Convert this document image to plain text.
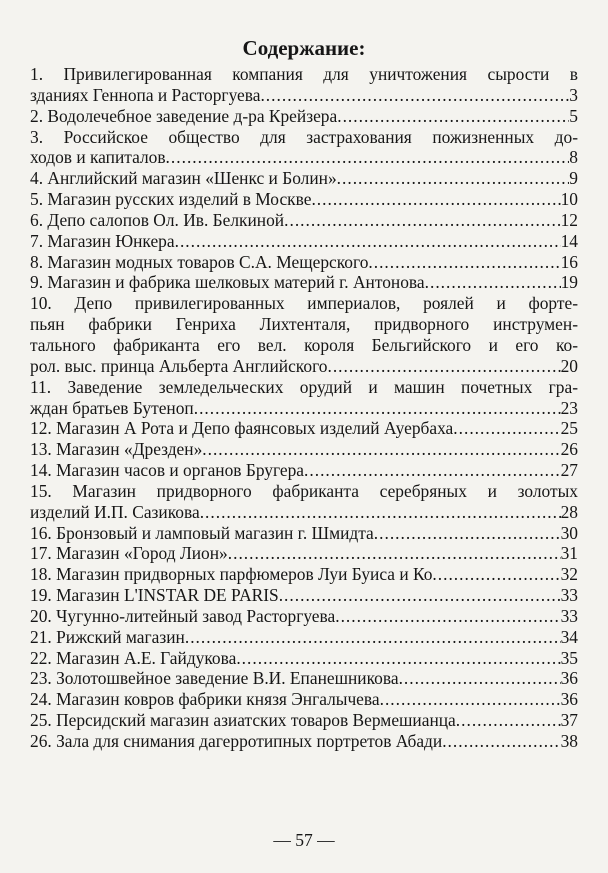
Содержание:
1. Привилегированная компания для уничтожения сырости в
зданиях Геннопа и Расторгуева .....	3
2. Водолечебное заведение д-ра Крейзера .....	5
3. Российское общество для застрахования пожизненных до-
ходов и капиталов .....	8
4. Английский магазин «Шенкс и Болин» .....	9
5. Магазин русских изделий в Москве .....	10
6. Депо салопов Ол. Ив. Белкиной .....	12
7. Магазин Юнкера .....	14
8. Магазин модных товаров С.А. Мещерского .....	16
9. Магазин и фабрика шелковых материй г. Антонова .....	19
10. Депо привилегированных империалов, роялей и форте-
пьян фабрики Генриха Лихтенталя, придворного инструмен-
тального фабриканта его вел. короля Бельгийского и его ко-
рол. выс. принца Альберта Английского .....	20
11. Заведение земледельческих орудий и машин почетных гра-
ждан братьев Бутеноп .....	23
12. Магазин А Рота и Депо фаянсовых изделий Ауербаха .....	25
13. Магазин «Дрезден» .....	26
14. Магазин часов и органов Бругера .....	27
15. Магазин придворного фабриканта серебряных и золотых
изделий И.П. Сазикова .....	28
16. Бронзовый и ламповый магазин г. Шмидта .....	30
17. Магазин «Город Лион» .....	31
18. Магазин придворных парфюмеров Луи Буиса и Ко .....	32
19. Магазин L'INSTAR DE PARIS .....	33
20. Чугунно-литейный завод Расторгуева .....	33
21. Рижский магазин .....	34
22. Магазин А.Е. Гайдукова .....	35
23. Золотошвейное заведение В.И. Епанешникова .....	36
24. Магазин ковров фабрики князя Энгалычева .....	36
25. Персидский магазин азиатских товаров Вермешианца .....	37
26. Зала для снимания дагерротипных портретов Абади .....	38
— 57 —
